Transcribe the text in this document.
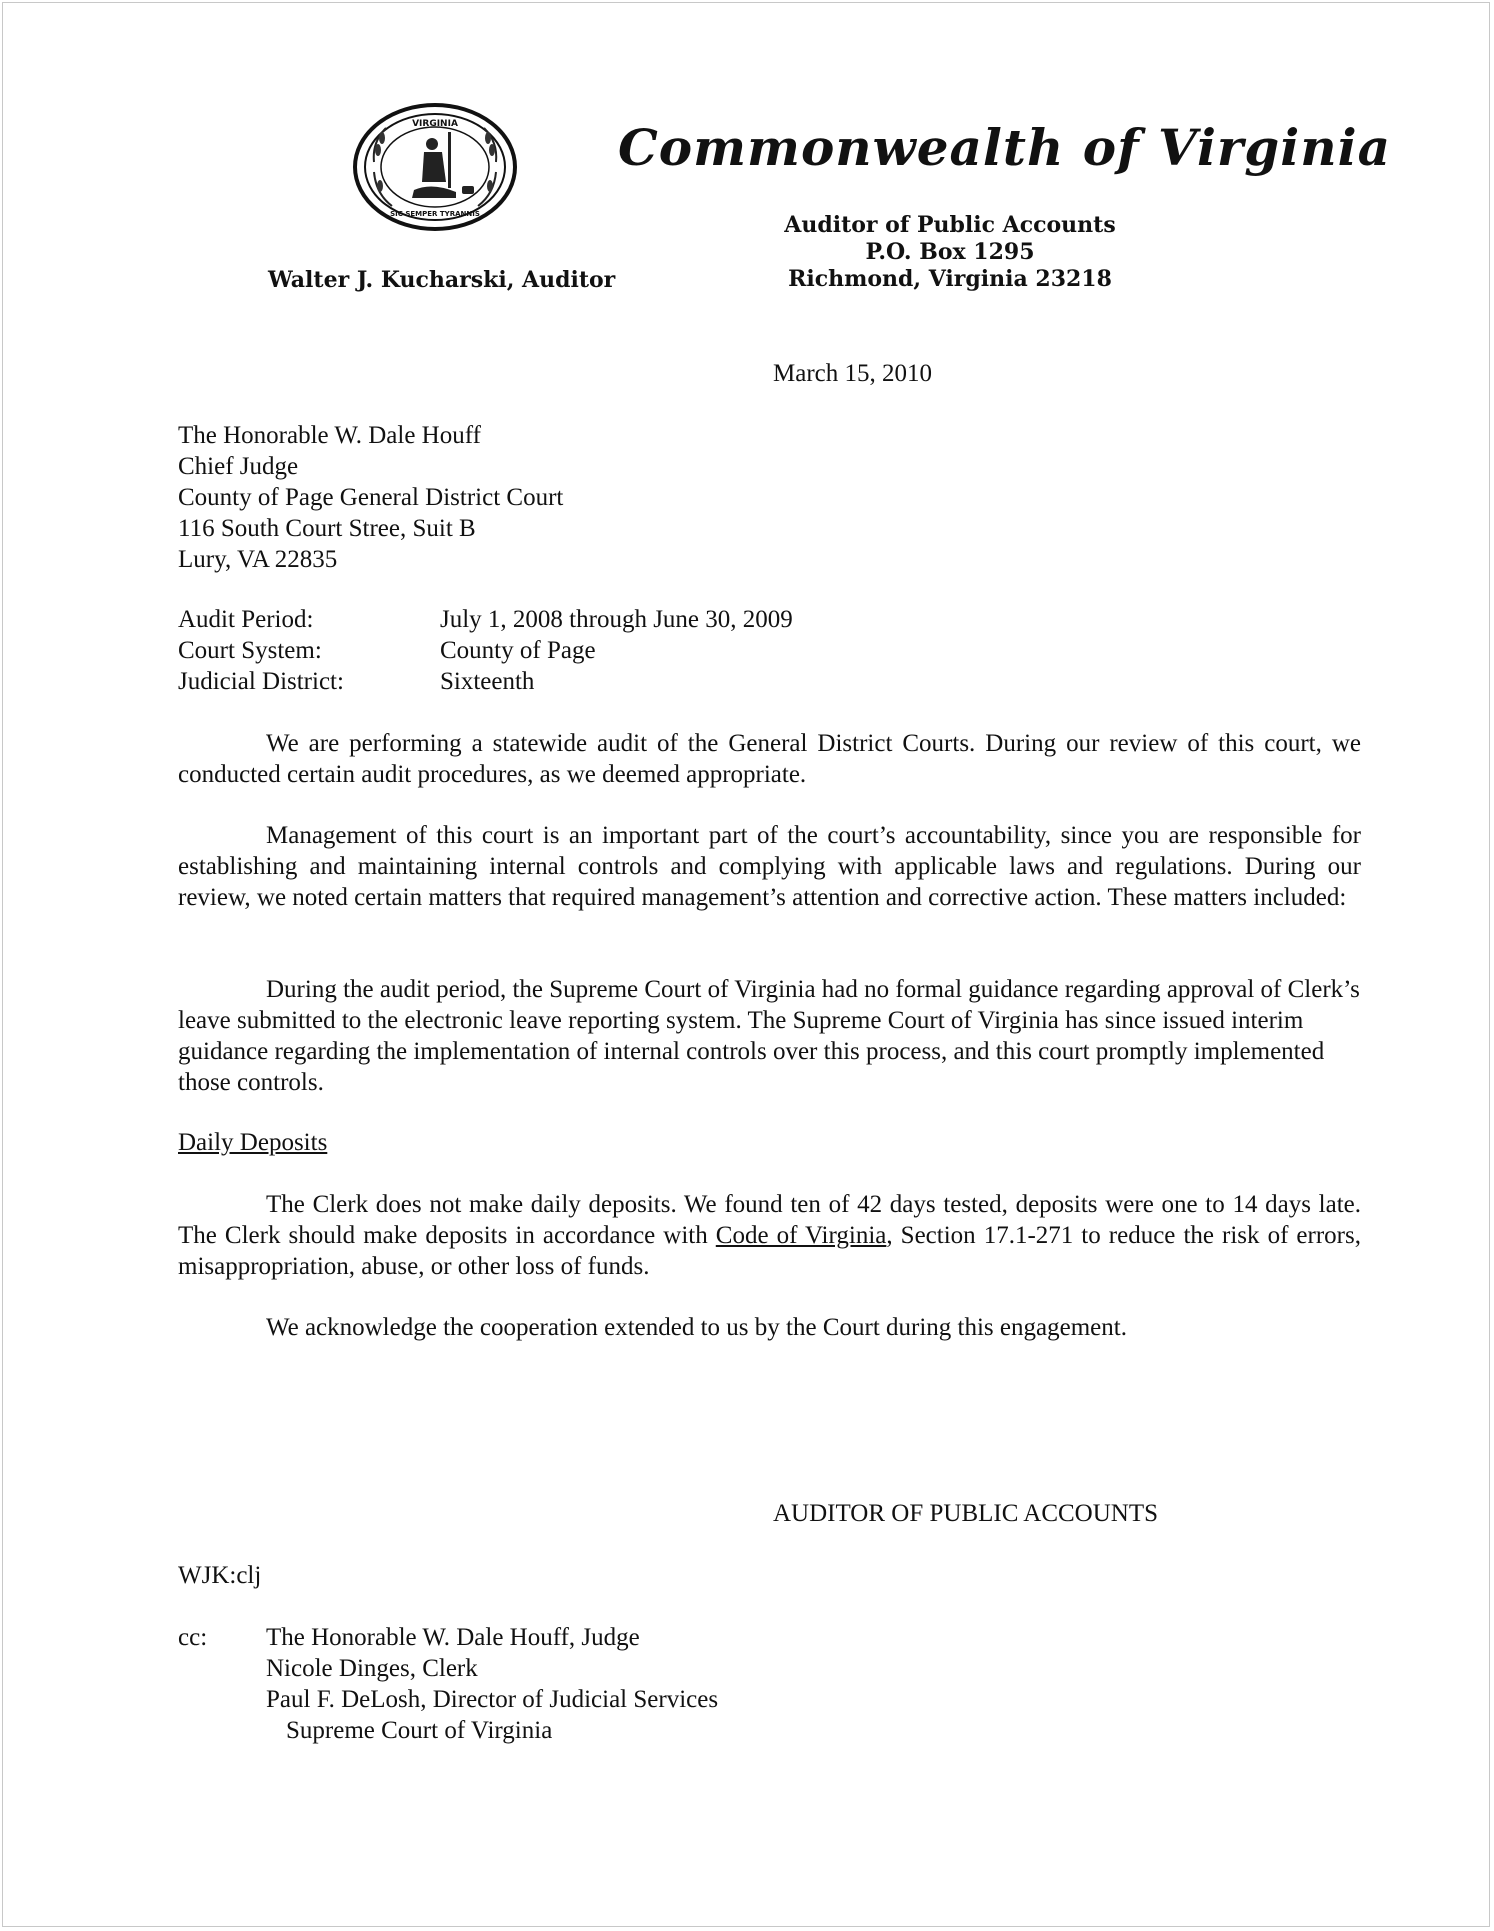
VIRGINIA
SIC SEMPER TYRANNIS
Commonwealth of Virginia
Auditor of Public Accounts
P.O. Box 1295
Richmond, Virginia 23218
Walter J. Kucharski, Auditor
March 15, 2010
The Honorable W. Dale Houff
Chief Judge
County of Page General District Court
116 South Court Stree, Suit B
Lury, VA 22835
Audit Period:
Court System:
Judicial District:
July 1, 2008 through June 30, 2009
County of Page
Sixteenth
We are performing a statewide audit of the General District Courts. During our review of this court, we conducted certain audit procedures, as we deemed appropriate.
Management of this court is an important part of the court’s accountability, since you are responsible for establishing and maintaining internal controls and complying with applicable laws and regulations. During our review, we noted certain matters that required management’s attention and corrective action. These matters included:
During the audit period, the Supreme Court of Virginia had no formal guidance regarding approval of Clerk’s leave submitted to the electronic leave reporting system. The Supreme Court of Virginia has since issued interim guidance regarding the implementation of internal controls over this process, and this court promptly implemented those controls.
Daily Deposits
The Clerk does not make daily deposits. We found ten of 42 days tested, deposits were one to 14 days late. The Clerk should make deposits in accordance with Code of Virginia, Section 17.1-271 to reduce the risk of errors, misappropriation, abuse, or other loss of funds.
We acknowledge the cooperation extended to us by the Court during this engagement.
AUDITOR OF PUBLIC ACCOUNTS
WJK:clj
cc: The Honorable W. Dale Houff, Judge
Nicole Dinges, Clerk
Paul F. DeLosh, Director of Judicial Services
Supreme Court of Virginia
